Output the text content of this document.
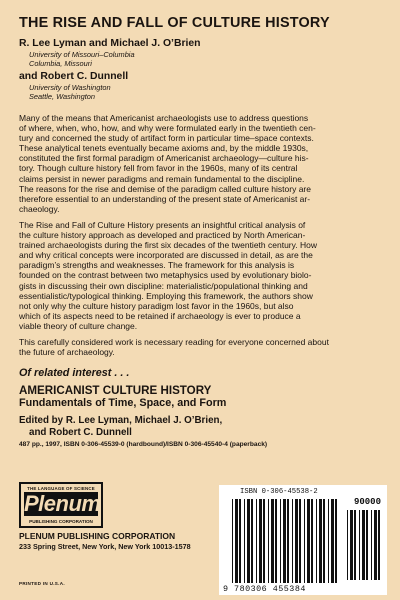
THE RISE AND FALL OF CULTURE HISTORY
R. Lee Lyman and Michael J. O’Brien
University of Missouri–Columbia
Columbia, Missouri
and Robert C. Dunnell
University of Washington
Seattle, Washington
Many of the means that Americanist archaeologists use to address questions
of where, when, who, how, and why were formulated early in the twentieth cen-
tury and concerned the study of artifact form in particular time–space contexts.
These analytical tenets eventually became axioms and, by the middle 1930s,
constituted the first formal paradigm of Americanist archaeology—culture his-
tory. Though culture history fell from favor in the 1960s, many of its central
claims persist in newer paradigms and remain fundamental to the discipline.
The reasons for the rise and demise of the paradigm called culture history are
therefore essential to an understanding of the present state of Americanist ar-
chaeology.
The Rise and Fall of Culture History presents an insightful critical analysis of
the culture history approach as developed and practiced by North American-
trained archaeologists during the first six decades of the twentieth century. How
and why critical concepts were incorporated are discussed in detail, as are the
paradigm’s strengths and weaknesses. The framework for this analysis is
founded on the contrast between two metaphysics used by evolutionary biolo-
gists in discussing their own discipline: materialistic/populational thinking and
essentialistic/typological thinking. Employing this framework, the authors show
not only why the culture history paradigm lost favor in the 1960s, but also
which of its aspects need to be retained if archaeology is ever to produce a
viable theory of culture change.
This carefully considered work is necessary reading for everyone concerned about
the future of archaeology.
Of related interest . . .
AMERICANIST CULTURE HISTORY
Fundamentals of Time, Space, and Form
Edited by R. Lee Lyman, Michael J. O’Brien,
and Robert C. Dunnell
487 pp., 1997, ISBN 0-306-45539-0 (hardbound)/ISBN 0-306-45540-4 (paperback)
THE LANGUAGE OF SCIENCE
Plenum
PUBLISHING CORPORATION
PLENUM PUBLISHING CORPORATION
233 Spring Street, New York, New York 10013-1578
PRINTED IN U.S.A.
ISBN 0-306-45538-2
90000
9 780306 455384
